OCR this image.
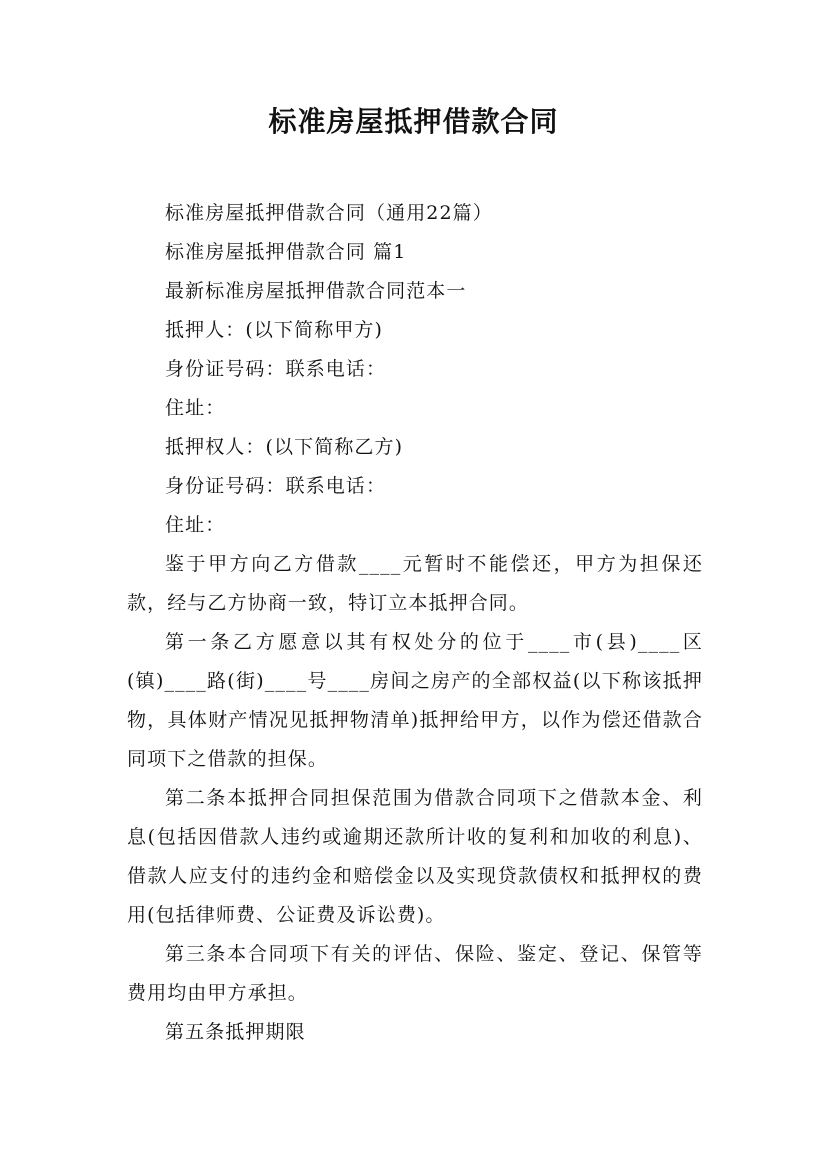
标准房屋抵押借款合同

标准房屋抵押借款合同（通用22篇）

标准房屋抵押借款合同 篇1

最新标准房屋抵押借款合同范本一

抵押人：(以下简称甲方)

身份证号码：联系电话：

住址：

抵押权人：(以下简称乙方)

身份证号码：联系电话：

住址：

鉴于甲方向乙方借款____元暂时不能偿还，甲方为担保还款，经与乙方协商一致，特订立本抵押合同。

第一条乙方愿意以其有权处分的位于____市(县)____区(镇)____路(街)____号____房间之房产的全部权益(以下称该抵押物，具体财产情况见抵押物清单)抵押给甲方，以作为偿还借款合同项下之借款的担保。

第二条本抵押合同担保范围为借款合同项下之借款本金、利息(包括因借款人违约或逾期还款所计收的复利和加收的利息)、借款人应支付的违约金和赔偿金以及实现贷款债权和抵押权的费用(包括律师费、公证费及诉讼费)。

第三条本合同项下有关的评估、保险、鉴定、登记、保管等费用均由甲方承担。

第五条抵押期限
